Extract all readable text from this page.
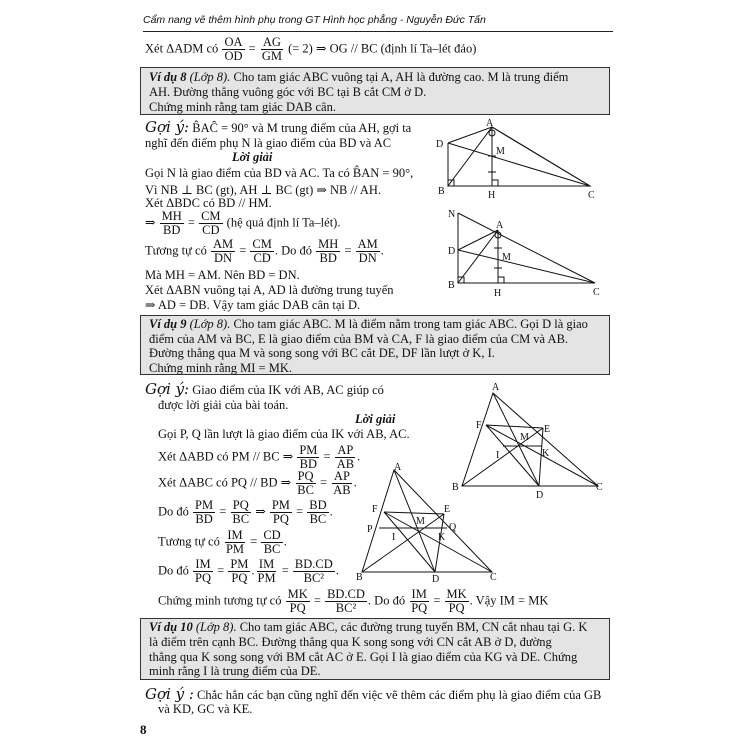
Cẩm nang vẽ thêm hình phụ trong GT Hình học phẳng - Nguyễn Đức Tấn
Xét ΔADM có $\frac{OA}{OD} = \frac{AG}{GM}$ (= 2) ⇒ OG // BC (định lí Ta–lét đảo)
Ví dụ 8 (Lớp 8). Cho tam giác ABC vuông tại A, AH là đường cao. M là trung điểm
AH. Đường thẳng vuông góc với BC tại B cắt CM ở D.
Chứng minh rằng tam giác DAB cân.
Gợi ý: B̂AĈ = 90° và M trung điểm của AH, gợi ta
nghĩ đến điểm phụ N là giao điểm của BD và AC
Lời giải
Gọi N là giao điểm của BD và AC. Ta có B̂AN = 90°,
Vì NB ⊥ BC (gt), AH ⊥ BC (gt) ⇒ NB // AH.
Xét ΔBDC có BD // HM.
⇒ $\frac{MH}{BD} = \frac{CM}{CD}$ (hệ quả định lí Ta–lét).
Tương tự có $\frac{AM}{DN} = \frac{CM}{CD}$ . Do đó $\frac{MH}{BD} = \frac{AM}{DN}$ .
Mà MH = AM. Nên BD = DN.
Xét ΔABN vuông tại A, AD là đường trung tuyến
⇒ AD = DB. Vậy tam giác DAB cân tại D.
A
D
M
B	H	C
N
A
D
M
B
H	C
Ví dụ 9 (Lớp 8). Cho tam giác ABC. M là điểm nằm trong tam giác ABC. Gọi D là giao
điểm của AM và BC, E là giao điểm của BM và CA, F là giao điểm của CM và AB.
Đường thẳng qua M và song song với BC cắt DE, DF lần lượt ở K, I.
Chứng minh rằng MI = MK.
Gợi ý: Giao điểm của IK với AB, AC giúp có
được lời giải của bài toán.
Lời giải
Gọi P, Q lần lượt là giao điểm của IK với AB, AC.
Xét ΔABD có PM // BC ⇒ $\frac{PM}{BD} = \frac{AP}{AB}$ .
Xét ΔABC có PQ // BD ⇒ $\frac{PQ}{BC} = \frac{AP}{AB}$ .
Do đó $\frac{PM}{BD} = \frac{PQ}{BC}$ ⇒ $\frac{PM}{PQ} = \frac{BD}{BC}$ .
Tương tự có $\frac{IM}{PM} = \frac{CD}{BC}$ .
Do đó $\frac{IM}{PQ} = \frac{PM}{PQ}$ . $\frac{IM}{PM} = \frac{BD.CD}{\text{BC²}}$ .
Chứng minh tương tự có $\frac{MK}{PQ} = \frac{BD.CD}{\text{BC²}}$ . Do đó $\frac{IM}{PQ} = \frac{MK}{PQ}$ . Vậy IM = MK
A
F	E
M
I	K
B
D
C
A
F
P
M
Q
I	K
E
B	D	C
Ví dụ 10 (Lớp 8). Cho tam giác ABC, các đường trung tuyến BM, CN cắt nhau tại G. K
là điểm trên cạnh BC. Đường thẳng qua K song song với CN cắt AB ở D, đường
thẳng qua K song song với BM cắt AC ở E. Gọi I là giao điểm của KG và DE. Chứng
minh rằng I là trung điểm của DE.
Gợi ý : Chắc hẳn các bạn cũng nghĩ đến việc vẽ thêm các điểm phụ là giao điểm của GB
và KD, GC và KE.
8
